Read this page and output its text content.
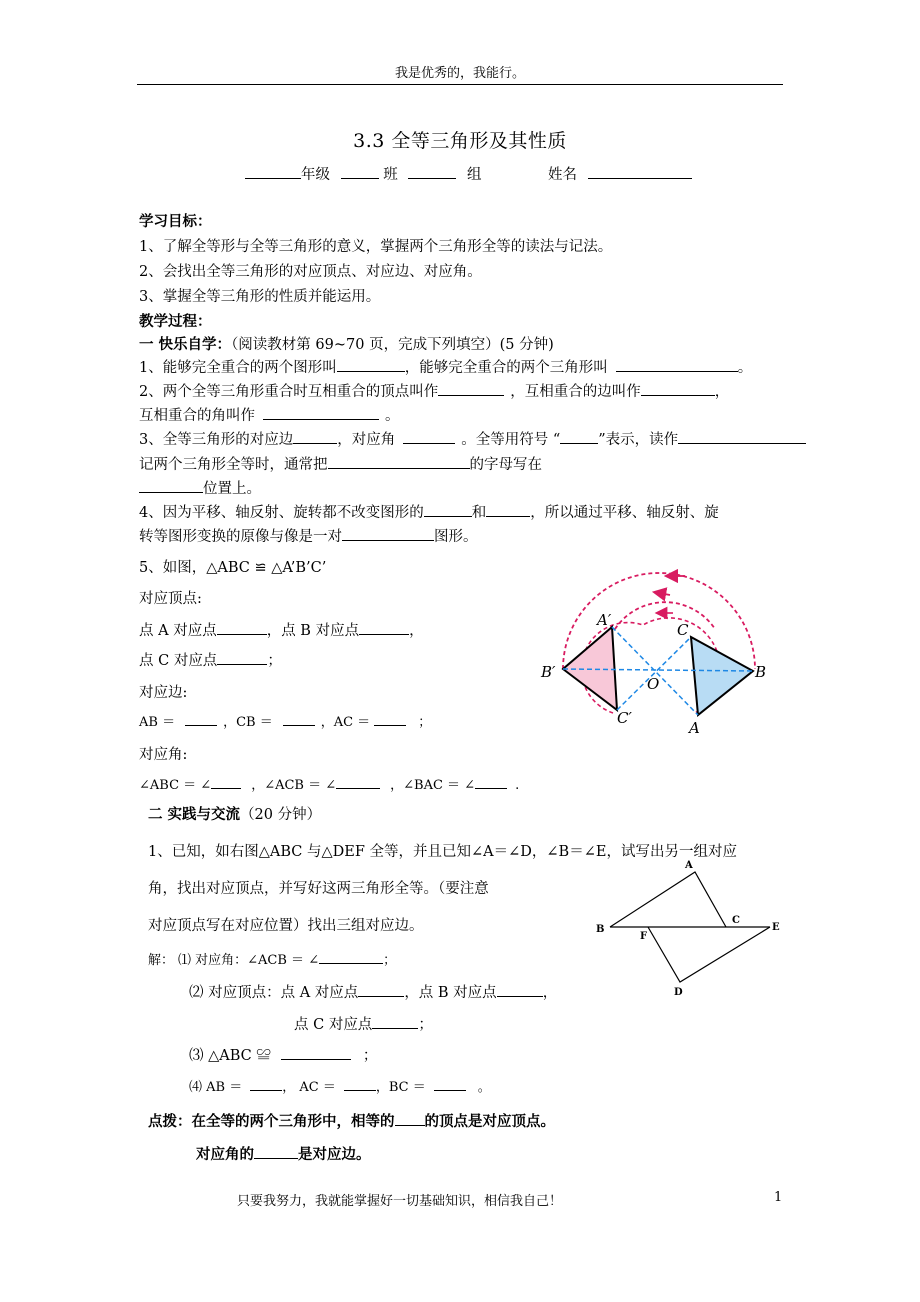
我是优秀的，我能行。
3.3 全等三角形及其性质
年级	班	组	姓名
学习目标：
1、了解全等形与全等三角形的意义，掌握两个三角形全等的读法与记法。
2、会找出全等三角形的对应顶点、对应边、对应角。
3、掌握全等三角形的性质并能运用。
教学过程：
一 快乐自学：（阅读教材第 69~70 页，完成下列填空）(5 分钟)
1、能够完全重合的两个图形叫	，能够完全重合的两个三角形叫	。
2、两个全等三角形重合时互相重合的顶点叫作	，互相重合的边叫作	，
互相重合的角叫作	。
3、全等三角形的对应边	，对应角	。全等用符号 “	”表示，读作
记两个三角形全等时，通常把	的字母写在
位置上。
4、因为平移、轴反射、旋转都不改变图形的	和	，所以通过平移、轴反射、旋
转等图形变换的原像与像是一对	图形。
5、如图，△ABC ≌ △A’B’C’
对应顶点:
点 A 对应点	，点 B 对应点	，
点 C 对应点	；
对应边:
AB ＝	，CB ＝	，AC ＝	；
对应角:
∠ABC ＝ ∠	，∠ACB ＝ ∠	，∠BAC ＝ ∠	.
A′
C′
B′
C
O
B
A
二 实践与交流（20 分钟）
1、已知，如右图△ABC 与△DEF 全等，并且已知∠A＝∠D，∠B＝∠E，试写出另一组对应
角，找出对应顶点，并写好这两三角形全等。（要注意
对应顶点写在对应位置）找出三组对应边。
解： ⑴ 对应角：∠ACB ＝ ∠	；
⑵ 对应顶点：点 A 对应点	，点 B 对应点	，
点 C 对应点	；
⑶ △ABC ≌	；
⑷ AB ＝	， AC ＝	，BC ＝	。
A
B
C
E
F
D
点拨：在全等的两个三角形中，相等的 的顶点是对应顶点。
对应角的	是对应边。
只要我努力，我就能掌握好一切基础知识，相信我自己！	1
